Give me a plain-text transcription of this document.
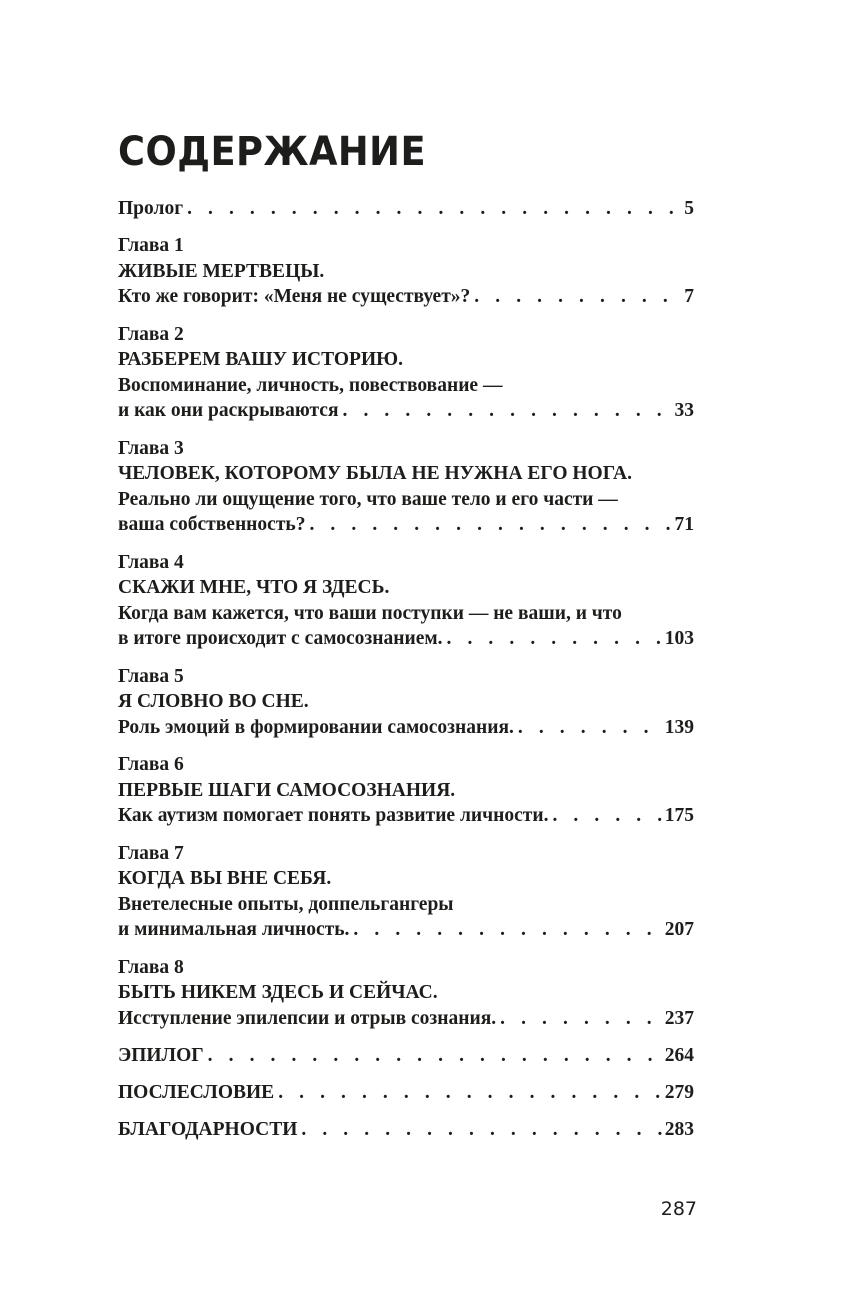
СОДЕРЖАНИЕ
Пролог . . .	5
Глава 1
ЖИВЫЕ МЕРТВЕЦЫ.
Кто же говорит: «Меня не существует»? . . .	7
Глава 2
РАЗБЕРЕМ ВАШУ ИСТОРИЮ.
Воспоминание, личность, повествование —
и как они раскрываются . . .	33
Глава 3
ЧЕЛОВЕК, КОТОРОМУ БЫЛА НЕ НУЖНА ЕГО НОГА.
Реально ли ощущение того, что ваше тело и его части —
ваша собственность? . . .	71
Глава 4
СКАЖИ МНЕ, ЧТО Я ЗДЕСЬ.
Когда вам кажется, что ваши поступки — не ваши, и что
в итоге происходит с самосознанием. . . .	103
Глава 5
Я СЛОВНО ВО СНЕ.
Роль эмоций в формировании самосознания. . . .	139
Глава 6
ПЕРВЫЕ ШАГИ САМОСОЗНАНИЯ.
Как аутизм помогает понять развитие личности. . . .	175
Глава 7
КОГДА ВЫ ВНЕ СЕБЯ.
Внетелесные опыты, доппельгангеры
и минимальная личность. . . .	207
Глава 8
БЫТЬ НИКЕМ ЗДЕСЬ И СЕЙЧАС.
Исступление эпилепсии и отрыв сознания. . . .	237
ЭПИЛОГ . . .	264
ПОСЛЕСЛОВИЕ . . .	279
БЛАГОДАРНОСТИ . . .	283
287
